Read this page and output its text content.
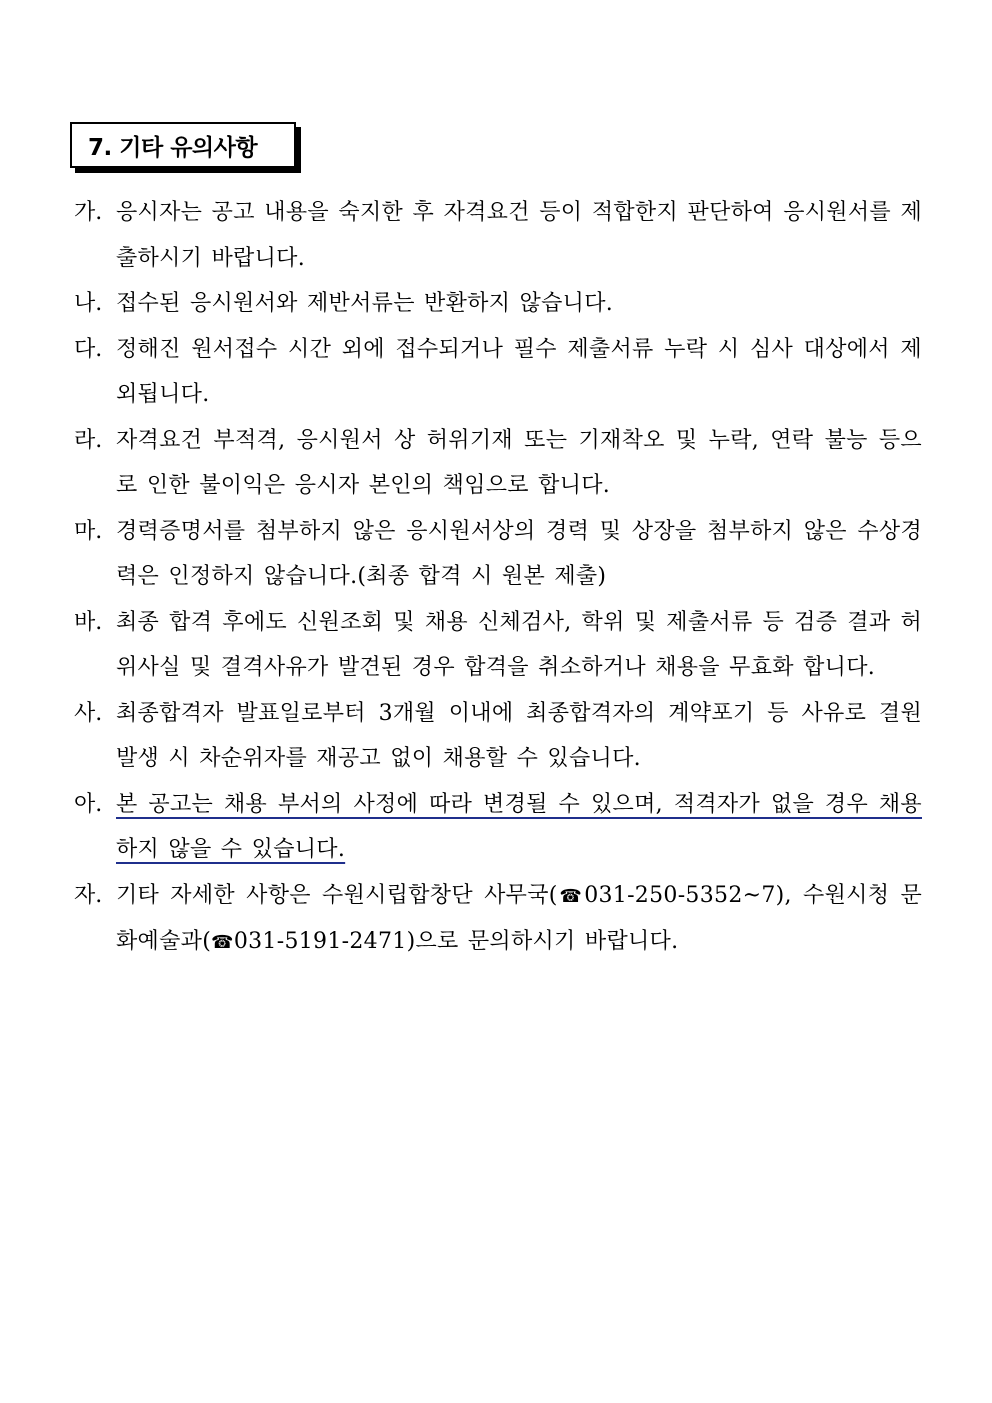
7. 기타 유의사항
가. 응시자는 공고 내용을 숙지한 후 자격요건 등이 적합한지 판단하여 응시원서를 제출하시기 바랍니다.
나. 접수된 응시원서와 제반서류는 반환하지 않습니다.
다. 정해진 원서접수 시간 외에 접수되거나 필수 제출서류 누락 시 심사 대상에서 제외됩니다.
라. 자격요건 부적격, 응시원서 상 허위기재 또는 기재착오 및 누락, 연락 불능 등으로 인한 불이익은 응시자 본인의 책임으로 합니다.
마. 경력증명서를 첨부하지 않은 응시원서상의 경력 및 상장을 첨부하지 않은 수상경력은 인정하지 않습니다.(최종 합격 시 원본 제출)
바. 최종 합격 후에도 신원조회 및 채용 신체검사, 학위 및 제출서류 등 검증 결과 허위사실 및 결격사유가 발견된 경우 합격을 취소하거나 채용을 무효화 합니다.
사. 최종합격자 발표일로부터 3개월 이내에 최종합격자의 계약포기 등 사유로 결원 발생 시 차순위자를 재공고 없이 채용할 수 있습니다.
아. 본 공고는 채용 부서의 사정에 따라 변경될 수 있으며, 적격자가 없을 경우 채용하지 않을 수 있습니다.
자. 기타 자세한 사항은 수원시립합창단 사무국(☎031-250-5352~7), 수원시청 문화예술과(☎031-5191-2471)으로 문의하시기 바랍니다.
